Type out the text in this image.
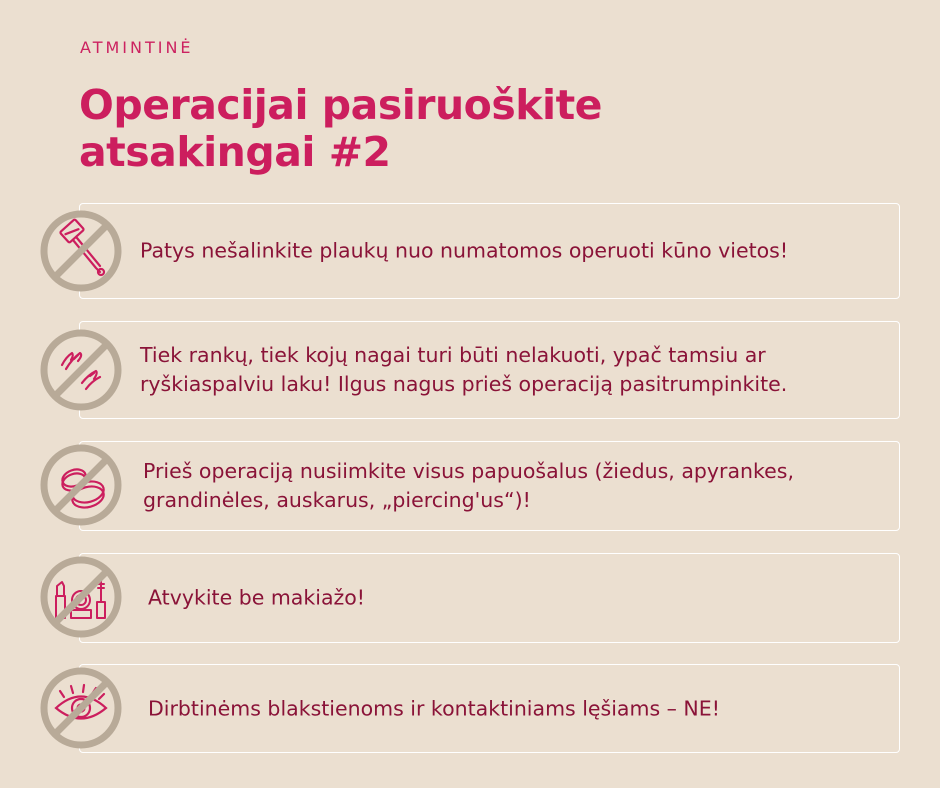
ATMINTINĖ
Operacijai pasiruoškite
atsakingai #2
Patys nešalinkite plaukų nuo numatomos operuoti kūno vietos!
Tiek rankų, tiek kojų nagai turi būti nelakuoti, ypač tamsiu ar
ryškiaspalviu laku! Ilgus nagus prieš operaciją pasitrumpinkite.
Prieš operaciją nusiimkite visus papuošalus (žiedus, apyrankes,
grandinėles, auskarus, „piercing'us“)!
Atvykite be makiažo!
Dirbtinėms blakstienoms ir kontaktiniams lęšiams – NE!
